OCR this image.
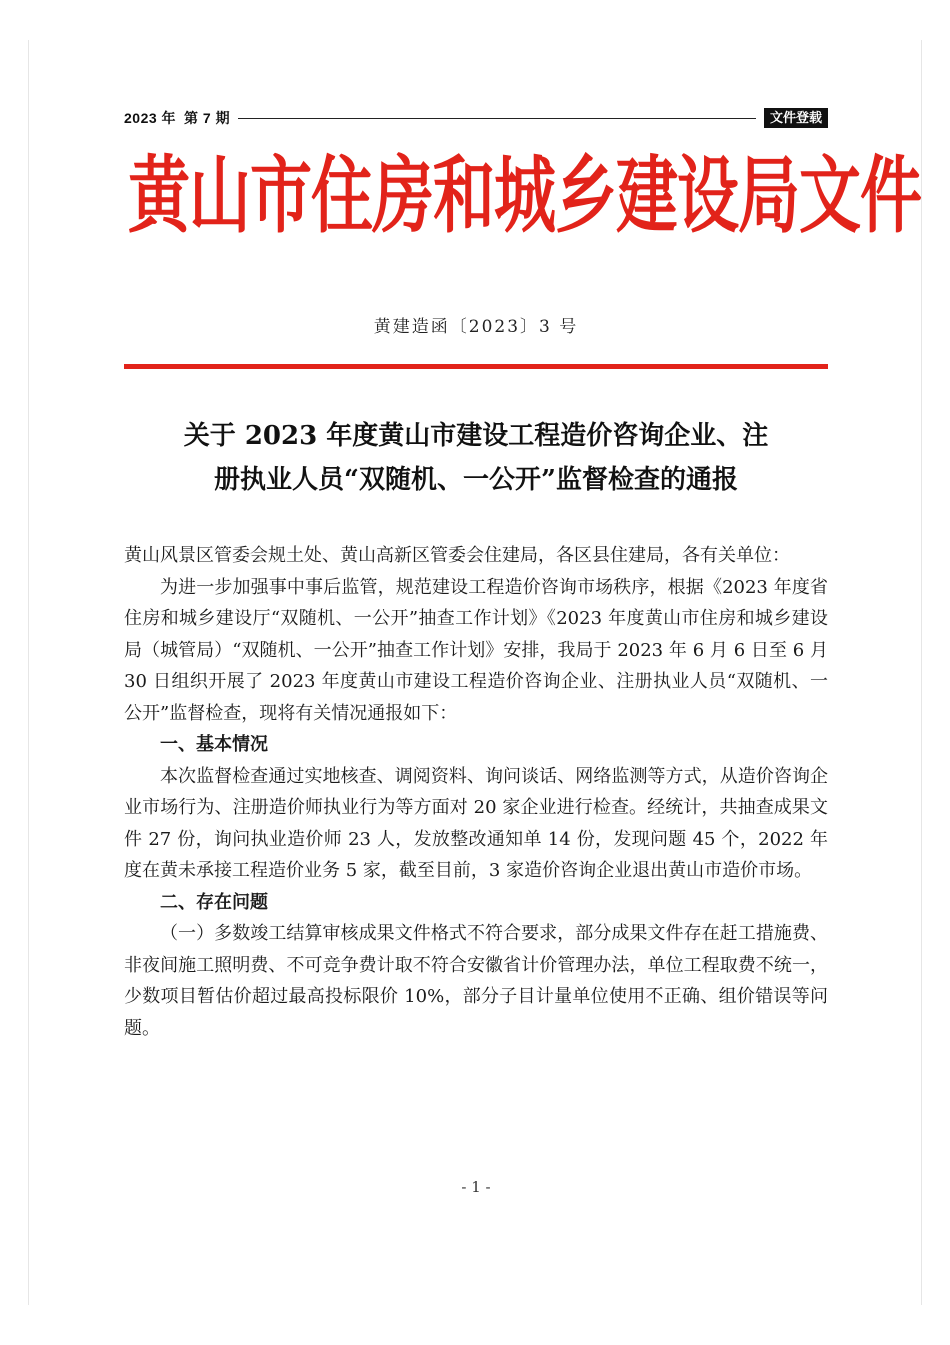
2023 年 第 7 期	文件登载
黄山市住房和城乡建设局文件
黄建造函〔2023〕3 号
关于 2023 年度黄山市建设工程造价咨询企业、注
册执业人员“双随机、一公开”监督检查的通报

黄山风景区管委会规土处、黄山高新区管委会住建局，各区县住建局，各有关单位：

为进一步加强事中事后监管，规范建设工程造价咨询市场秩序，根据《2023 年度省住房和城乡建设厅“双随机、一公开”抽查工作计划》《2023 年度黄山市住房和城乡建设局（城管局）“双随机、一公开”抽查工作计划》安排，我局于 2023 年 6 月 6 日至 6 月 30 日组织开展了 2023 年度黄山市建设工程造价咨询企业、注册执业人员“双随机、一公开”监督检查，现将有关情况通报如下：

一、基本情况

本次监督检查通过实地核查、调阅资料、询问谈话、网络监测等方式，从造价咨询企业市场行为、注册造价师执业行为等方面对 20 家企业进行检查。经统计，共抽查成果文件 27 份，询问执业造价师 23 人，发放整改通知单 14 份，发现问题 45 个，2022 年度在黄未承接工程造价业务 5 家，截至目前，3 家造价咨询企业退出黄山市造价市场。

二、存在问题

（一）多数竣工结算审核成果文件格式不符合要求，部分成果文件存在赶工措施费、非夜间施工照明费、不可竞争费计取不符合安徽省计价管理办法，单位工程取费不统一，少数项目暂估价超过最高投标限价 10%，部分子目计量单位使用不正确、组价错误等问题。

- 1 -
